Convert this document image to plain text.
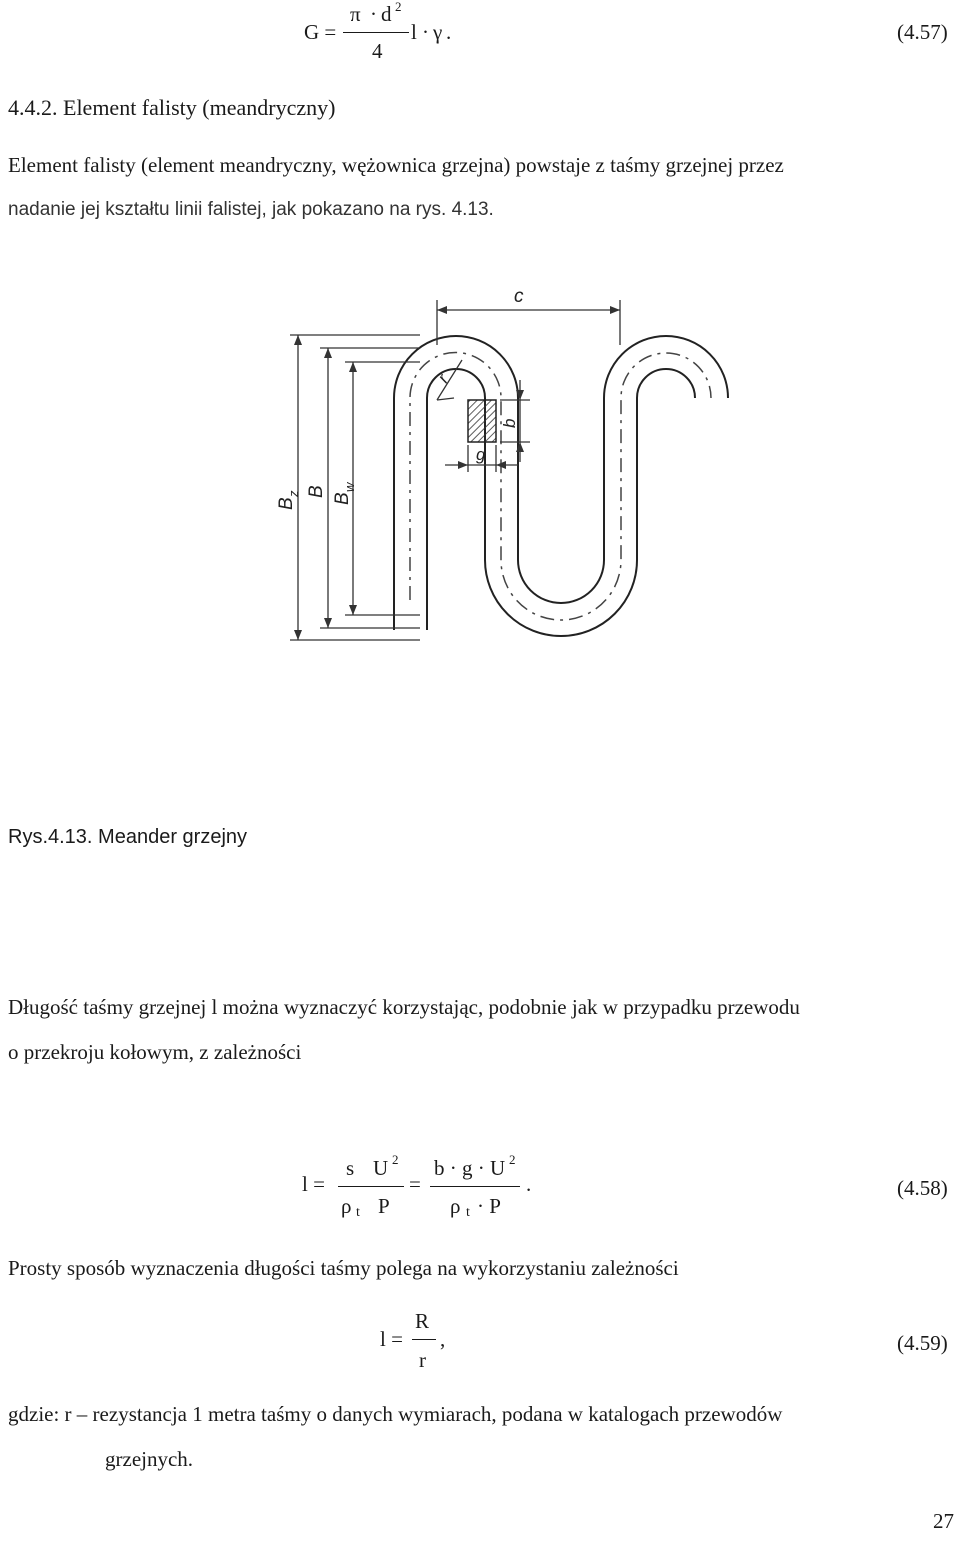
G =
π · d 2
4
l · γ .	(4.57)
4.4.2. Element falisty (meandryczny)
Element falisty (element meandryczny, wężownica grzejna) powstaje z taśmy grzejnej przez
nadanie jej kształtu linii falistej, jak pokazano na rys. 4.13.
c
r
b
g
B
z B
B
w
Rys.4.13. Meander grzejny
Długość taśmy grzejnej l można wyznaczyć korzystając, podobnie jak w przypadku przewodu
o przekroju kołowym, z zależności
l =
s U 2
ρ t P
=
b · g · U 2
ρ t · P
.	(4.58)
Prosty sposób wyznaczenia długości taśmy polega na wykorzystaniu zależności
l =
R
r
,	(4.59)
gdzie: r – rezystancja 1 metra taśmy o danych wymiarach, podana w katalogach przewodów
grzejnych.
27
